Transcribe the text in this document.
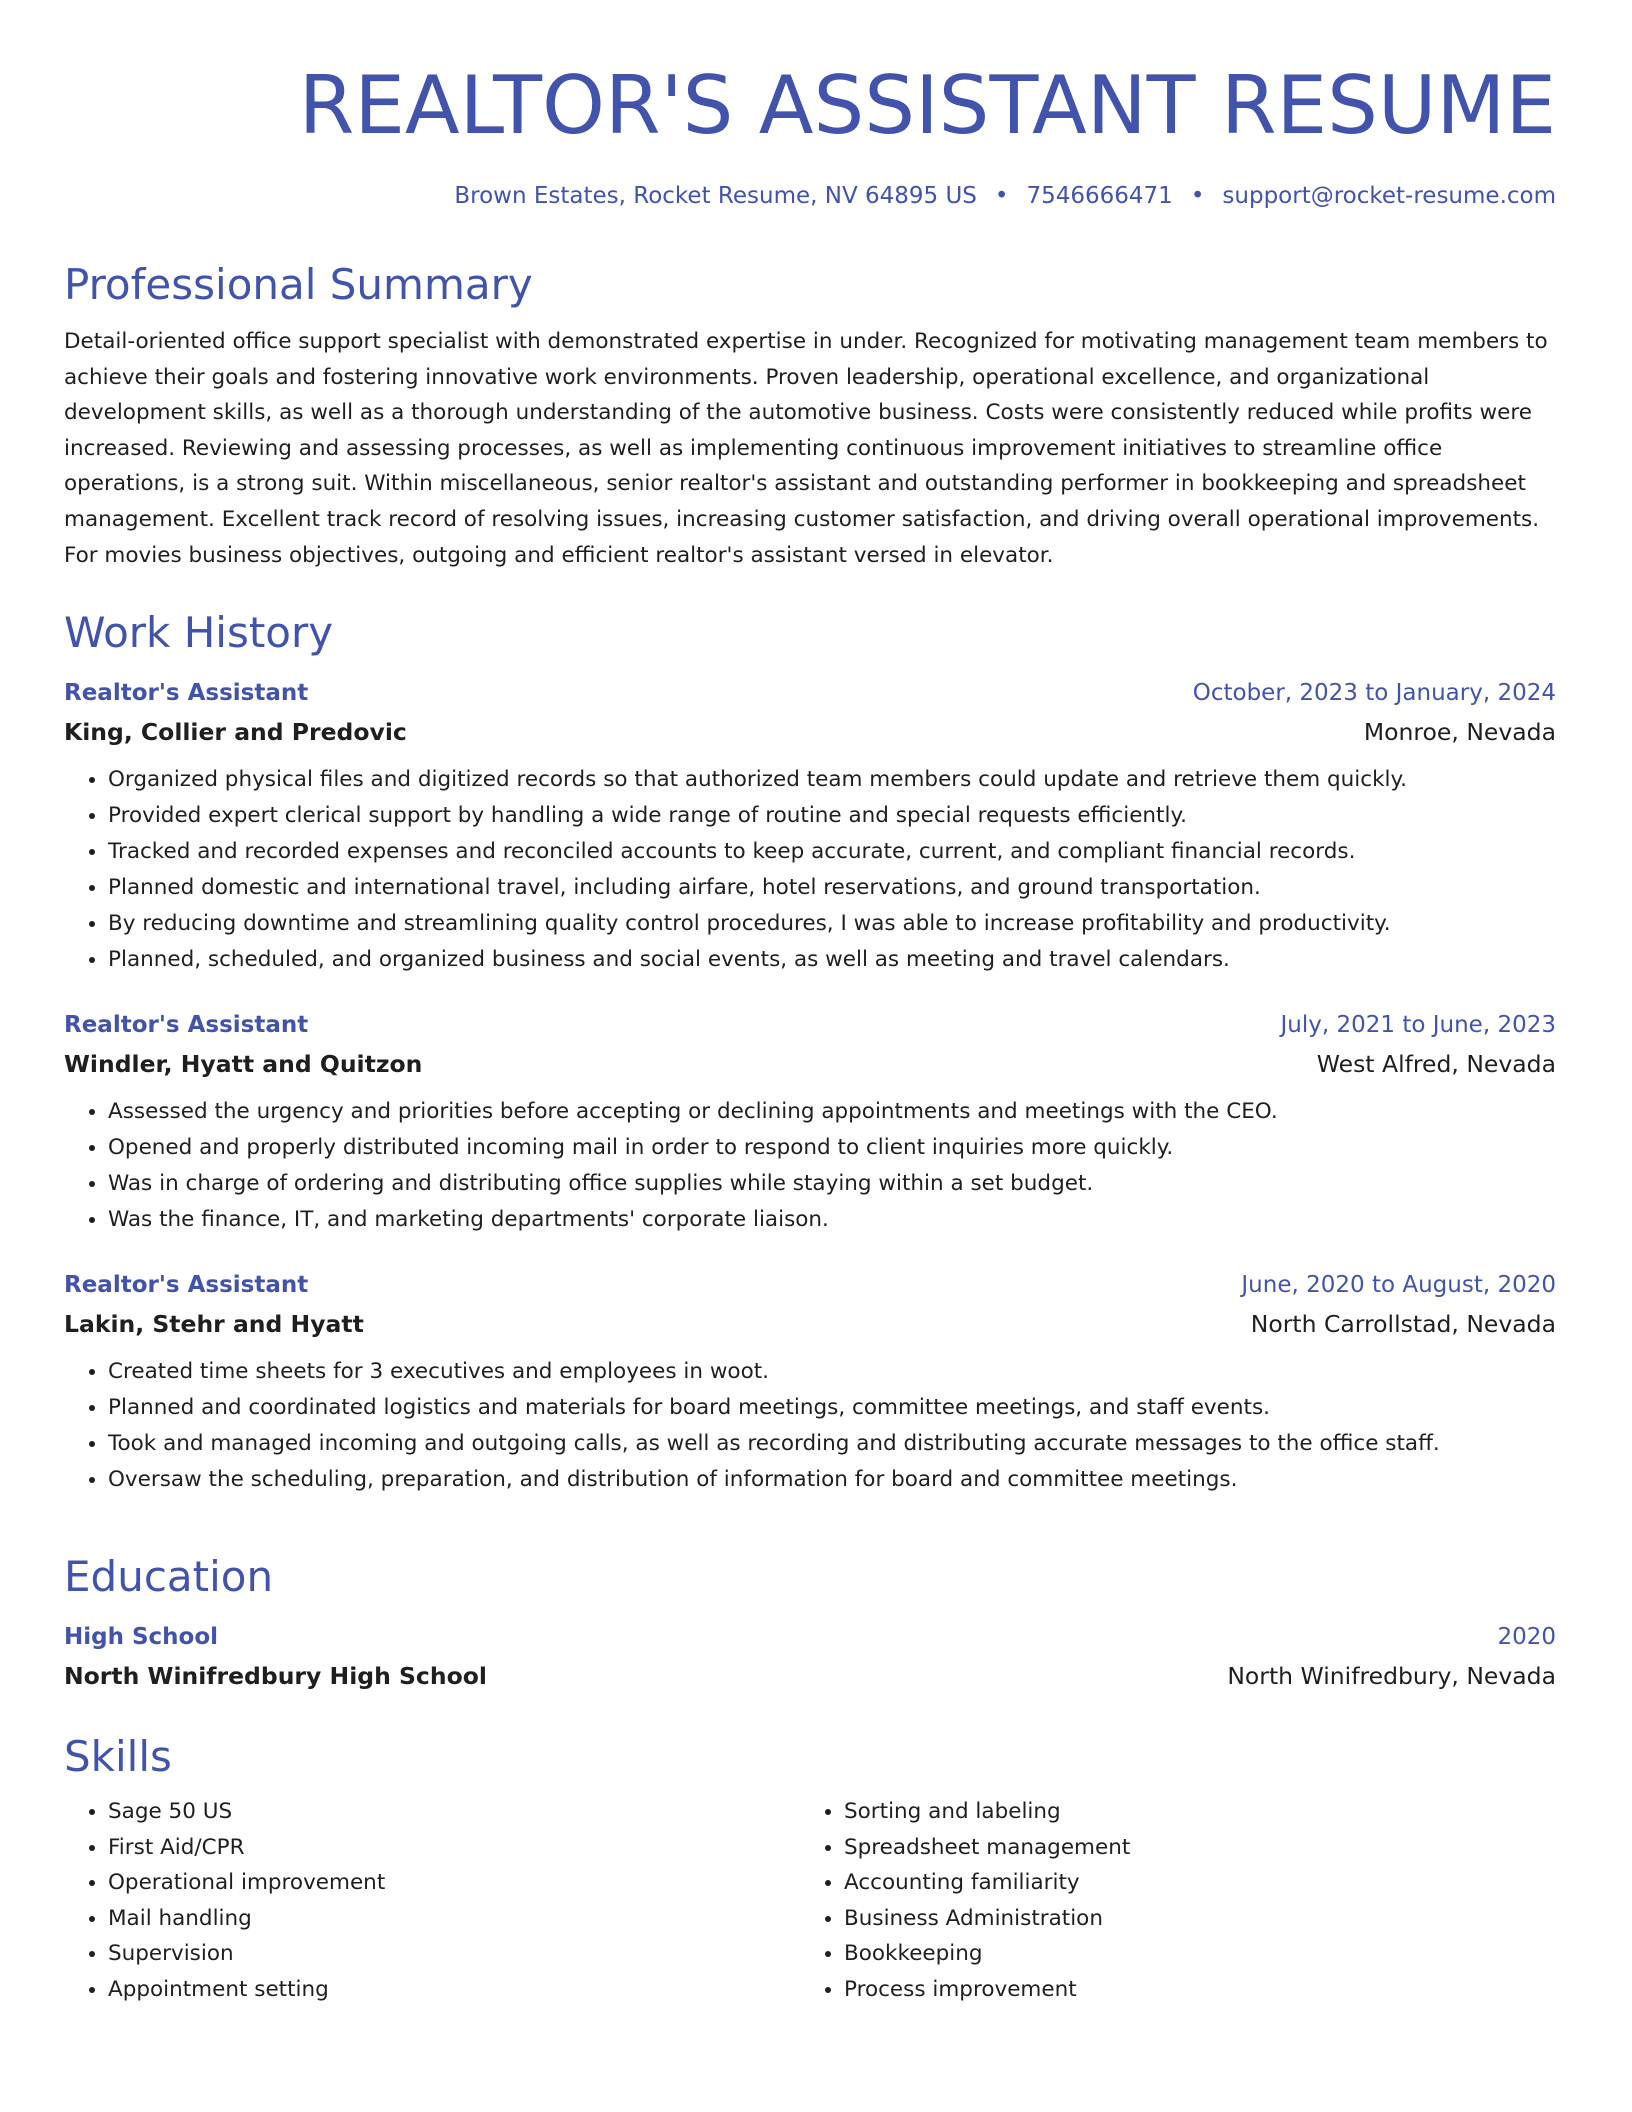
REALTOR'S ASSISTANT RESUME
Brown Estates, Rocket Resume, NV 64895 US • 7546666471 • support@rocket-resume.com
Professional Summary

Detail-oriented office support specialist with demonstrated expertise in under. Recognized for motivating management team members to achieve their goals and fostering innovative work environments. Proven leadership, operational excellence, and organizational development skills, as well as a thorough understanding of the automotive business. Costs were consistently reduced while profits were increased. Reviewing and assessing processes, as well as implementing continuous improvement initiatives to streamline office operations, is a strong suit. Within miscellaneous, senior realtor's assistant and outstanding performer in bookkeeping and spreadsheet management. Excellent track record of resolving issues, increasing customer satisfaction, and driving overall operational improvements. For movies business objectives, outgoing and efficient realtor's assistant versed in elevator.

Work History
Realtor's Assistant	October, 2023 to January, 2024
King, Collier and Predovic	Monroe, Nevada
• Organized physical files and digitized records so that authorized team members could update and retrieve them quickly.
• Provided expert clerical support by handling a wide range of routine and special requests efficiently.
• Tracked and recorded expenses and reconciled accounts to keep accurate, current, and compliant financial records.
• Planned domestic and international travel, including airfare, hotel reservations, and ground transportation.
• By reducing downtime and streamlining quality control procedures, I was able to increase profitability and productivity.
• Planned, scheduled, and organized business and social events, as well as meeting and travel calendars.
Realtor's Assistant	July, 2021 to June, 2023
Windler, Hyatt and Quitzon	West Alfred, Nevada
• Assessed the urgency and priorities before accepting or declining appointments and meetings with the CEO.
• Opened and properly distributed incoming mail in order to respond to client inquiries more quickly.
• Was in charge of ordering and distributing office supplies while staying within a set budget.
• Was the finance, IT, and marketing departments' corporate liaison.
Realtor's Assistant	June, 2020 to August, 2020
Lakin, Stehr and Hyatt	North Carrollstad, Nevada
• Created time sheets for 3 executives and employees in woot.
• Planned and coordinated logistics and materials for board meetings, committee meetings, and staff events.
• Took and managed incoming and outgoing calls, as well as recording and distributing accurate messages to the office staff.
• Oversaw the scheduling, preparation, and distribution of information for board and committee meetings.
Education
High School	2020
North Winifredbury High School	North Winifredbury, Nevada
Skills
• Sage 50 US
• First Aid/CPR
• Operational improvement
• Mail handling
• Supervision
• Appointment setting
• Sorting and labeling
• Spreadsheet management
• Accounting familiarity
• Business Administration
• Bookkeeping
• Process improvement
